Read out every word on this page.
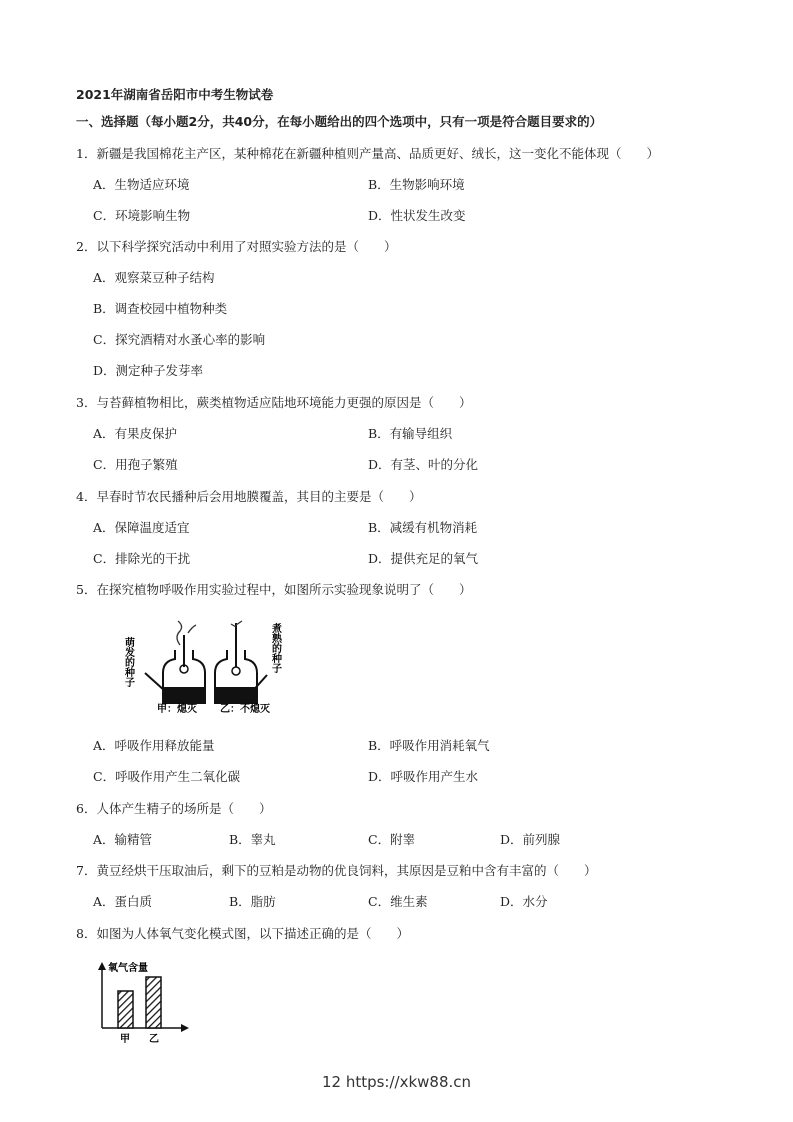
2021年湖南省岳阳市中考生物试卷
一、选择题（每小题2分，共40分，在每小题给出的四个选项中，只有一项是符合题目要求的）
1．新疆是我国棉花主产区，某种棉花在新疆种植则产量高、品质更好、绒长，这一变化不能体现（　　）
A．生物适应环境	B．生物影响环境
C．环境影响生物	D．性状发生改变
2．以下科学探究活动中利用了对照实验方法的是（　　）
A．观察菜豆种子结构
B．调查校园中植物种类
C．探究酒精对水蚤心率的影响
D．测定种子发芽率
3．与苔藓植物相比，蕨类植物适应陆地环境能力更强的原因是（　　）
A．有果皮保护	B．有输导组织
C．用孢子繁殖	D．有茎、叶的分化
4．早春时节农民播种后会用地膜覆盖，其目的主要是（　　）
A．保障温度适宜	B．减缓有机物消耗
C．排除光的干扰	D．提供充足的氧气
5．在探究植物呼吸作用实验过程中，如图所示实验现象说明了（　　）
萌发的种子	煮熟的种子
甲：熄灭 乙：不熄灭
A．呼吸作用释放能量	B．呼吸作用消耗氧气
C．呼吸作用产生二氧化碳	D．呼吸作用产生水
6．人体产生精子的场所是（　　）
A．输精管	B．睾丸	C．附睾	D．前列腺
7．黄豆经烘干压取油后，剩下的豆粕是动物的优良饲料，其原因是豆粕中含有丰富的（　　）
A．蛋白质	B．脂肪	C．维生素	D．水分
8．如图为人体氧气变化模式图，以下描述正确的是（　　）
氧气含量
甲 乙
12 https://xkw88.cn
